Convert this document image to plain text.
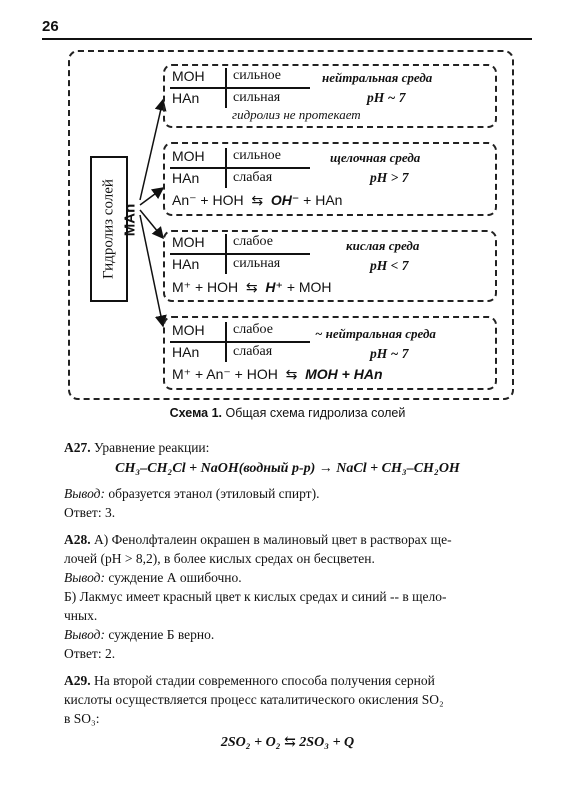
26
Гидролиз солей MAn
MOH сильное
HAn сильная
нейтральная среда
pH ~ 7
гидролиз не протекает
MOH сильное
HAn слабая
щелочная среда
pH > 7
An⁻ + HOH ⇆ OH⁻ + HAn
MOH слабое
HAn сильная
кислая среда
pH < 7
M⁺ + HOH ⇆ H⁺ + MOH
MOH слабое
HAn слабая
~ нейтральная среда
pH ~ 7
M⁺ + An⁻ + HOH ⇆ MOH + HAn
Схема 1. Общая схема гидролиза солей
А27. Уравнение реакции:
CH₃–CH₂Cl + NaOH(водный р-р) → NaCl + CH₃–CH₂OH
Вывод: образуется этанол (этиловый спирт).
Ответ: 3.
А28. А) Фенолфталеин окрашен в малиновый цвет в растворах ще-
лочей (рН > 8,2), в более кислых средах он бесцветен.
Вывод: суждение А ошибочно.
Б) Лакмус имеет красный цвет к кислых средах и синий -- в щело-
чных.
Вывод: суждение Б верно.
Ответ: 2.
А29. На второй стадии современного способа получения серной
кислоты осуществляется процесс каталитического окисления SO₂
в SO₃:
2SO₂ + O₂ ⇆ 2SO₃ + Q
